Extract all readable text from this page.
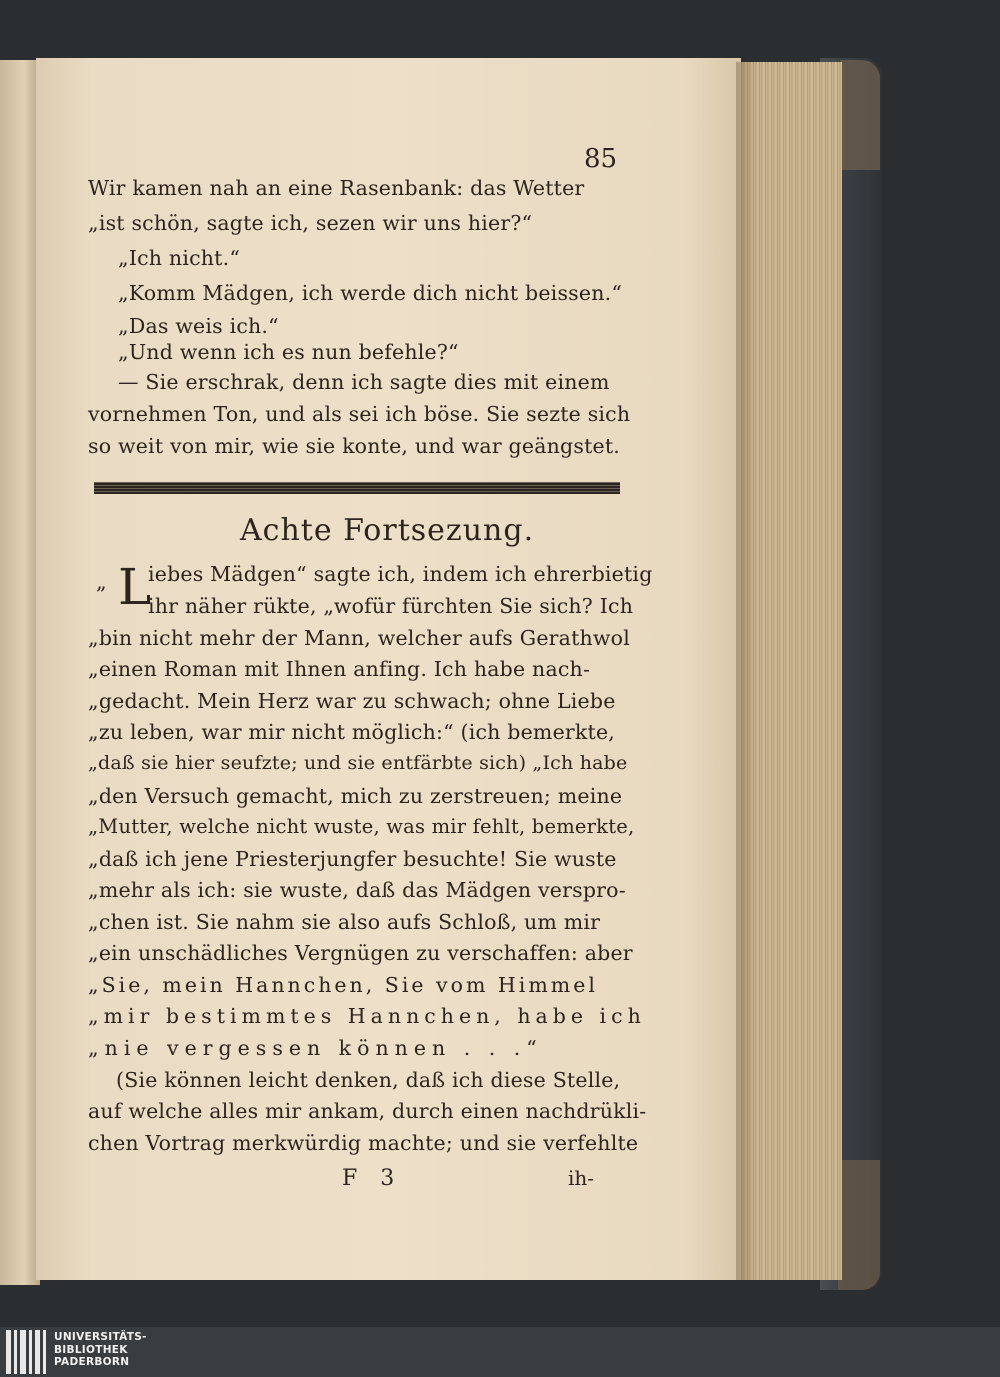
85
Wir kamen nah an eine Rasenbank: das Wetter
„ist schön, sagte ich, sezen wir uns hier?“
„Ich nicht.“
„Komm Mädgen, ich werde dich nicht beissen.“
„Das weis ich.“
„Und wenn ich es nun befehle?“
— Sie erschrak, denn ich sagte dies mit einem
vornehmen Ton, und als sei ich böse. Sie sezte sich
so weit von mir, wie sie konte, und war geängstet.
Achte Fortsezung.
„ L
iebes Mädgen“ sagte ich, indem ich ehrerbietig
ihr näher rükte, „wofür fürchten Sie sich? Ich
„bin nicht mehr der Mann, welcher aufs Gerathwol
„einen Roman mit Ihnen anfing. Ich habe nach-
„gedacht. Mein Herz war zu schwach; ohne Liebe
„zu leben, war mir nicht möglich:“ (ich bemerkte,
„daß sie hier seufzte; und sie entfärbte sich) „Ich habe
„den Versuch gemacht, mich zu zerstreuen; meine
„Mutter, welche nicht wuste, was mir fehlt, bemerkte,
„daß ich jene Priesterjungfer besuchte! Sie wuste
„mehr als ich: sie wuste, daß das Mädgen verspro-
„chen ist. Sie nahm sie also aufs Schloß, um mir
„ein unschädliches Vergnügen zu verschaffen: aber
„Sie, mein Hannchen, Sie vom Himmel
„mir bestimmtes Hannchen, habe ich
„nie vergessen können . . .“
(Sie können leicht denken, daß ich diese Stelle,
auf welche alles mir ankam, durch einen nachdrükli-
chen Vortrag merkwürdig machte; und sie verfehlte
F 3	ih-
UNIVERSITÄTS-
BIBLIOTHEK
PADERBORN
